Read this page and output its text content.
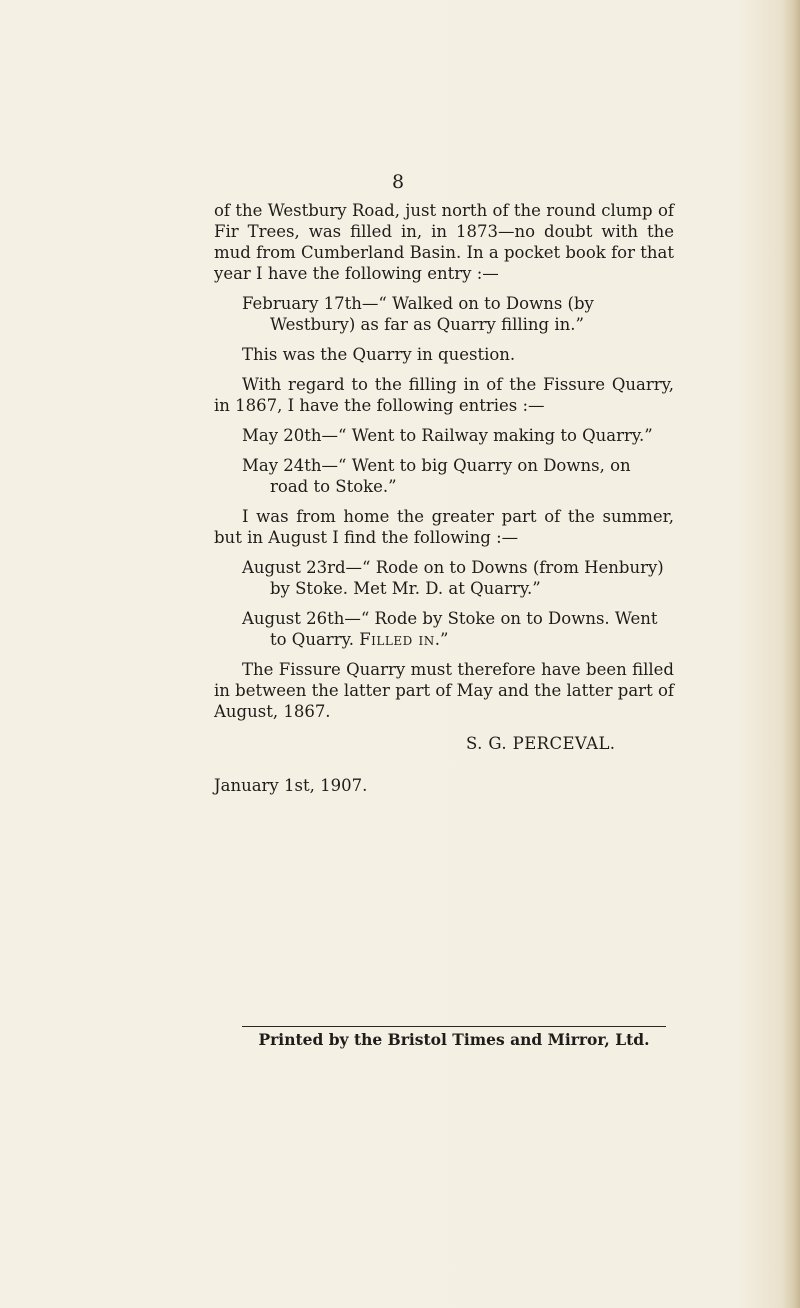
8

of the Westbury Road, just north of the round clump of Fir Trees, was filled in, in 1873—no doubt with the mud from Cumberland Basin. In a pocket book for that year I have the following entry :—

February 17th—“ Walked on to Downs (by Westbury) as far as Quarry filling in.”

This was the Quarry in question.

With regard to the filling in of the Fissure Quarry, in 1867, I have the following entries :—

May 20th—“ Went to Railway making to Quarry.”

May 24th—“ Went to big Quarry on Downs, on road to Stoke.”

I was from home the greater part of the summer, but in August I find the following :—

August 23rd—“ Rode on to Downs (from Henbury) by Stoke. Met Mr. D. at Quarry.”

August 26th—“ Rode by Stoke on to Downs. Went to Quarry. Filled in.”

The Fissure Quarry must therefore have been filled in between the latter part of May and the latter part of August, 1867.

S. G. PERCEVAL.
January 1st, 1907.
Printed by the Bristol Times and Mirror, Ltd.
